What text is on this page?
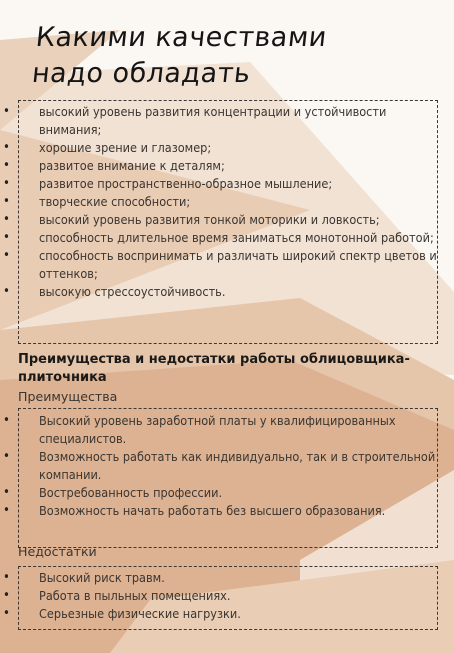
Какими качествами
надо обладать
• высокий уровень развития концентрации и устойчивости внимания;
• хорошие зрение и глазомер;
• развитое внимание к деталям;
• развитое пространственно-образное мышление;
• творческие способности;
• высокий уровень развития тонкой моторики и ловкость;
• способность длительное время заниматься монотонной работой;
• способность воспринимать и различать широкий спектр цветов и оттенков;
• высокую стрессоустойчивость.
Преимущества и недостатки работы облицовщика-плиточника

Преимущества

• Высокий уровень заработной платы у квалифицированных специалистов.
• Возможность работать как индивидуально, так и в строительной компании.
• Востребованность профессии.
• Возможность начать работать без высшего образования.

Недостатки

• Высокий риск травм.
• Работа в пыльных помещениях.
• Серьезные физические нагрузки.
